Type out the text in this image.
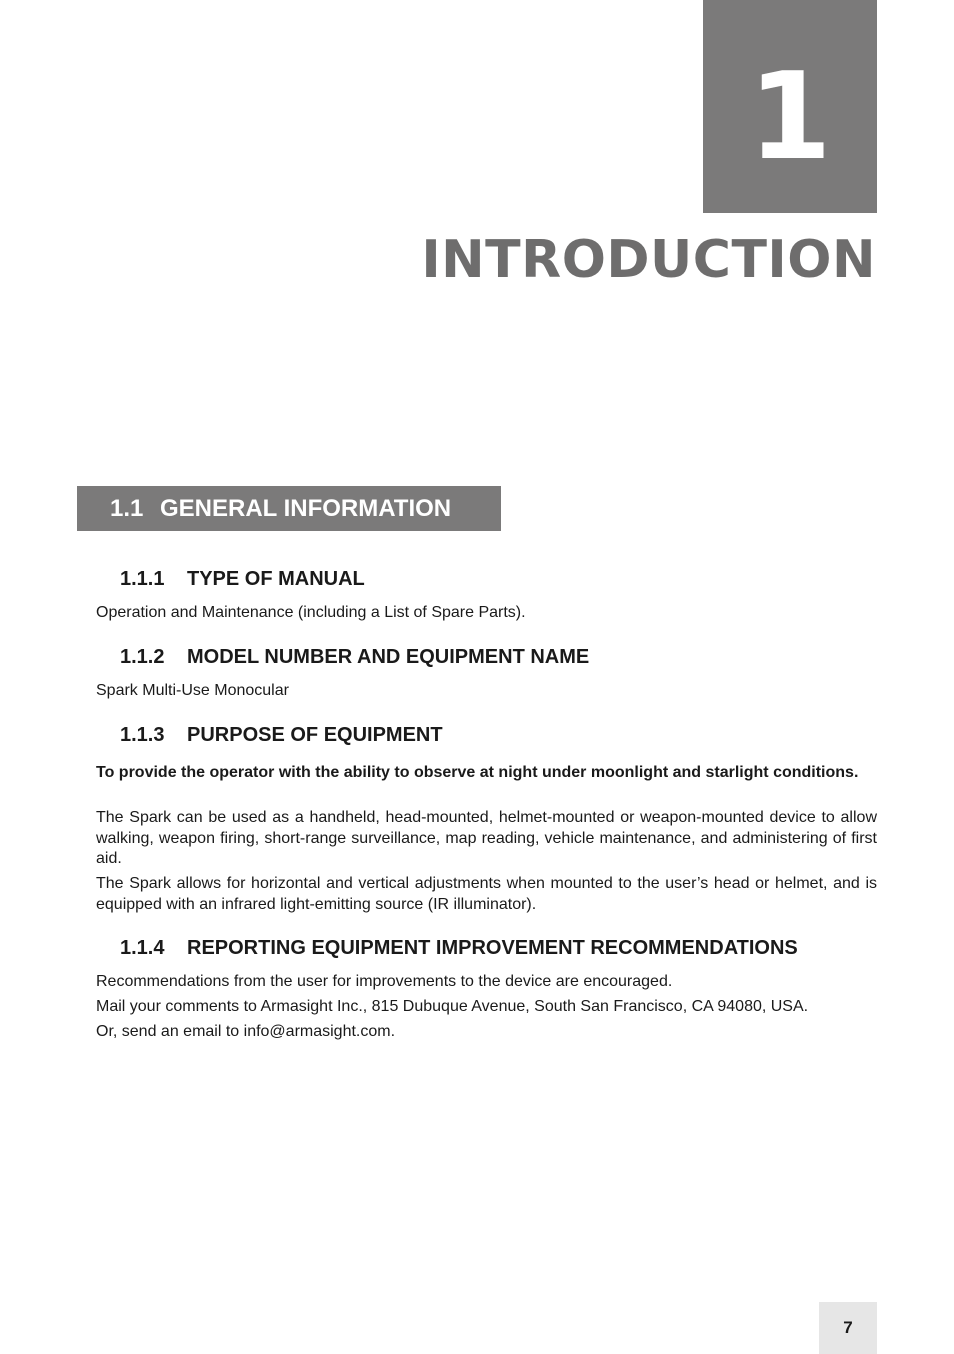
1
INTRODUCTION
1.1 GENERAL INFORMATION
1.1.1 TYPE OF MANUAL
Operation and Maintenance (including a List of Spare Parts).
1.1.2 MODEL NUMBER AND EQUIPMENT NAME
Spark Multi-Use Monocular
1.1.3 PURPOSE OF EQUIPMENT
To provide the operator with the ability to observe at night under moonlight and starlight conditions.
The Spark can be used as a handheld, head-mounted, helmet-mounted or weapon-mounted device to allow walking, weapon firing, short-range surveillance, map reading, vehicle maintenance, and administering of first aid.
The Spark allows for horizontal and vertical adjustments when mounted to the user’s head or helmet, and is equipped with an infrared light-emitting source (IR illuminator).
1.1.4 REPORTING EQUIPMENT IMPROVEMENT RECOMMENDATIONS
Recommendations from the user for improvements to the device are encouraged.
Mail your comments to Armasight Inc., 815 Dubuque Avenue, South San Francisco, CA 94080, USA.
Or, send an email to info@armasight.com.
7
